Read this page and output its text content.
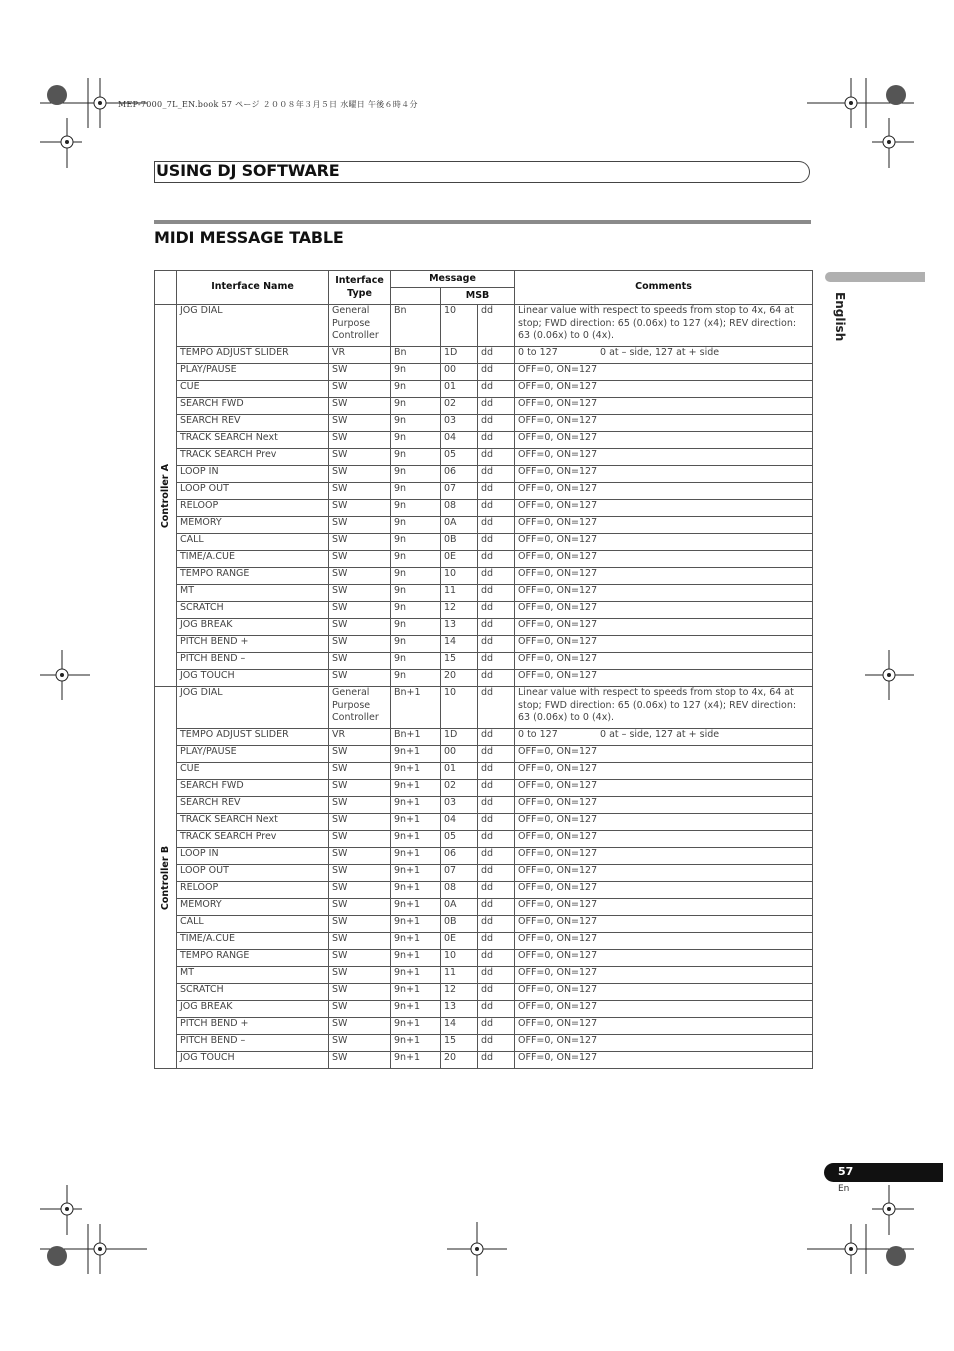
MEP-7000_7L_EN.book 57 ページ ２００８年３月５日 水曜日 午後６時４分
USING DJ SOFTWARE
MIDI MESSAGE TABLE
English
	Interface Name	Interface Type	Message			Comments
				MSB		

Controller A	JOG DIAL	General Purpose Controller	Bn	10	dd	Linear value with respect to speeds from stop to 4x, 64 at stop; FWD direction: 65 (0.06x) to 127 (x4); REV direction: 63 (0.06x) to 0 (4x).
	TEMPO ADJUST SLIDER	VR	Bn	1D	dd	0 to 127              0 at – side, 127 at + side
	PLAY/PAUSE	SW	9n	00	dd	OFF=0, ON=127
	CUE	SW	9n	01	dd	OFF=0, ON=127
	SEARCH FWD	SW	9n	02	dd	OFF=0, ON=127
	SEARCH REV	SW	9n	03	dd	OFF=0, ON=127
	TRACK SEARCH Next	SW	9n	04	dd	OFF=0, ON=127
	TRACK SEARCH Prev	SW	9n	05	dd	OFF=0, ON=127
	LOOP IN	SW	9n	06	dd	OFF=0, ON=127
	LOOP OUT	SW	9n	07	dd	OFF=0, ON=127
	RELOOP	SW	9n	08	dd	OFF=0, ON=127
	MEMORY	SW	9n	0A	dd	OFF=0, ON=127
	CALL	SW	9n	0B	dd	OFF=0, ON=127
	TIME/A.CUE	SW	9n	0E	dd	OFF=0, ON=127
	TEMPO RANGE	SW	9n	10	dd	OFF=0, ON=127
	MT	SW	9n	11	dd	OFF=0, ON=127
	SCRATCH	SW	9n	12	dd	OFF=0, ON=127
	JOG BREAK	SW	9n	13	dd	OFF=0, ON=127
	PITCH BEND +	SW	9n	14	dd	OFF=0, ON=127
	PITCH BEND –	SW	9n	15	dd	OFF=0, ON=127
	JOG TOUCH	SW	9n	20	dd	OFF=0, ON=127

Controller B	JOG DIAL	General Purpose Controller	Bn+1	10	dd	Linear value with respect to speeds from stop to 4x, 64 at stop; FWD direction: 65 (0.06x) to 127 (x4); REV direction: 63 (0.06x) to 0 (4x).
	TEMPO ADJUST SLIDER	VR	Bn+1	1D	dd	0 to 127              0 at – side, 127 at + side
	PLAY/PAUSE	SW	9n+1	00	dd	OFF=0, ON=127
	CUE	SW	9n+1	01	dd	OFF=0, ON=127
	SEARCH FWD	SW	9n+1	02	dd	OFF=0, ON=127
	SEARCH REV	SW	9n+1	03	dd	OFF=0, ON=127
	TRACK SEARCH Next	SW	9n+1	04	dd	OFF=0, ON=127
	TRACK SEARCH Prev	SW	9n+1	05	dd	OFF=0, ON=127
	LOOP IN	SW	9n+1	06	dd	OFF=0, ON=127
	LOOP OUT	SW	9n+1	07	dd	OFF=0, ON=127
	RELOOP	SW	9n+1	08	dd	OFF=0, ON=127
	MEMORY	SW	9n+1	0A	dd	OFF=0, ON=127
	CALL	SW	9n+1	0B	dd	OFF=0, ON=127
	TIME/A.CUE	SW	9n+1	0E	dd	OFF=0, ON=127
	TEMPO RANGE	SW	9n+1	10	dd	OFF=0, ON=127
	MT	SW	9n+1	11	dd	OFF=0, ON=127
	SCRATCH	SW	9n+1	12	dd	OFF=0, ON=127
	JOG BREAK	SW	9n+1	13	dd	OFF=0, ON=127
	PITCH BEND +	SW	9n+1	14	dd	OFF=0, ON=127
	PITCH BEND –	SW	9n+1	15	dd	OFF=0, ON=127
	JOG TOUCH	SW	9n+1	20	dd	OFF=0, ON=127
57
En
